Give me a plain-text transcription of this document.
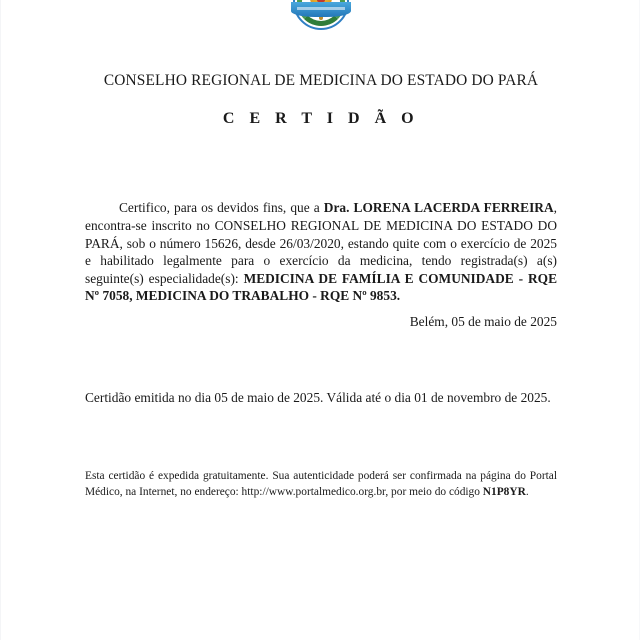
CONSELHO REGIONAL DE MEDICINA DO ESTADO DO PARÁ
C E R T I D Ã O

Certifico, para os devidos fins, que a Dra. LORENA LACERDA FERREIRA, encontra-se inscrito no CONSELHO REGIONAL DE MEDICINA DO ESTADO DO PARÁ, sob o número 15626, desde 26/03/2020, estando quite com o exercício de 2025 e habilitado legalmente para o exercício da medicina, tendo registrada(s) a(s) seguinte(s) especialidade(s): MEDICINA DE FAMÍLIA E COMUNIDADE - RQE Nº 7058, MEDICINA DO TRABALHO - RQE Nº 9853.

Belém, 05 de maio de 2025
Certidão emitida no dia 05 de maio de 2025. Válida até o dia 01 de novembro de 2025.

Esta certidão é expedida gratuitamente. Sua autenticidade poderá ser confirmada na página do Portal Médico, na Internet, no endereço: http://www.portalmedico.org.br, por meio do código N1P8YR.
